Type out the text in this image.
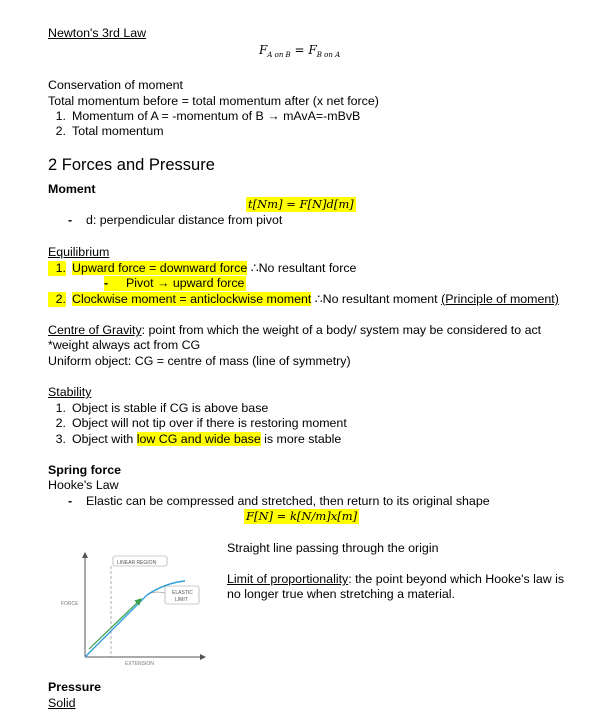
Newton's 3rd Law
$F_{A on B} = F_{B on A}$
Conservation of moment
Total momentum before = total momentum after (x net force)
1. Momentum of A = -momentum of B → mAvA=-mBvB
2. Total momentum
2 Forces and Pressure
Moment
t[Nm] = F[N]d[m]
- d: perpendicular distance from pivot
Equilibrium
1. Upward force = downward force ∴No resultant force
- Pivot → upward force
2. Clockwise moment = anticlockwise moment ∴No resultant moment (Principle of moment)
Centre of Gravity: point from which the weight of a body/ system may be considered to act
*weight always act from CG
Uniform object: CG = centre of mass (line of symmetry)
Stability
1. Object is stable if CG is above base
2. Object will not tip over if there is restoring moment
3. Object with low CG and wide base is more stable
Spring force
Hooke's Law
- Elastic can be compressed and stretched, then return to its original shape
F[N] = k[N/m]x[m]
Straight line passing through the origin
Limit of proportionality: the point beyond which Hooke's law is
no longer true when stretching a material.
LINEAR REGION
ELASTIC
LIMIT
FORCE
EXTENSION
Pressure
Solid
